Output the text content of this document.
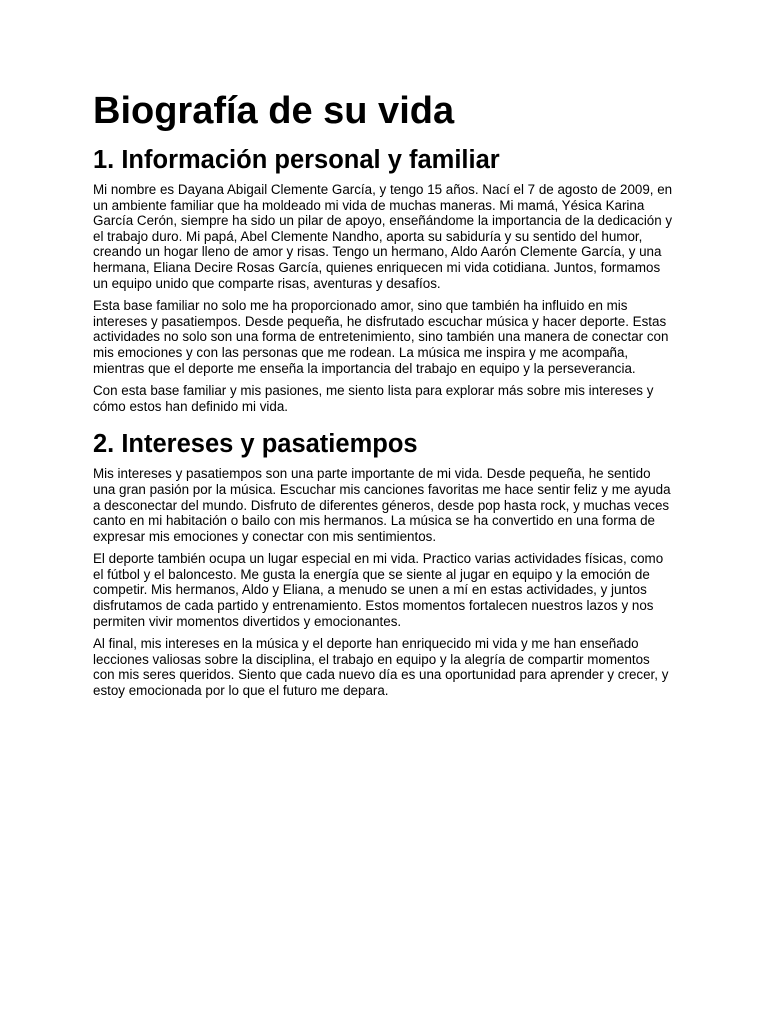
Biografía de su vida
1. Información personal y familiar

Mi nombre es Dayana Abigail Clemente García, y tengo 15 años. Nací el 7 de agosto de 2009, en un ambiente familiar que ha moldeado mi vida de muchas maneras. Mi mamá, Yésica Karina García Cerón, siempre ha sido un pilar de apoyo, enseñándome la importancia de la dedicación y el trabajo duro. Mi papá, Abel Clemente Nandho, aporta su sabiduría y su sentido del humor, creando un hogar lleno de amor y risas. Tengo un hermano, Aldo Aarón Clemente García, y una hermana, Eliana Decire Rosas García, quienes enriquecen mi vida cotidiana. Juntos, formamos un equipo unido que comparte risas, aventuras y desafíos.

Esta base familiar no solo me ha proporcionado amor, sino que también ha influido en mis intereses y pasatiempos. Desde pequeña, he disfrutado escuchar música y hacer deporte. Estas actividades no solo son una forma de entretenimiento, sino también una manera de conectar con mis emociones y con las personas que me rodean. La música me inspira y me acompaña, mientras que el deporte me enseña la importancia del trabajo en equipo y la perseverancia.

Con esta base familiar y mis pasiones, me siento lista para explorar más sobre mis intereses y cómo estos han definido mi vida.

2. Intereses y pasatiempos

Mis intereses y pasatiempos son una parte importante de mi vida. Desde pequeña, he sentido una gran pasión por la música. Escuchar mis canciones favoritas me hace sentir feliz y me ayuda a desconectar del mundo. Disfruto de diferentes géneros, desde pop hasta rock, y muchas veces canto en mi habitación o bailo con mis hermanos. La música se ha convertido en una forma de expresar mis emociones y conectar con mis sentimientos.

El deporte también ocupa un lugar especial en mi vida. Practico varias actividades físicas, como el fútbol y el baloncesto. Me gusta la energía que se siente al jugar en equipo y la emoción de competir. Mis hermanos, Aldo y Eliana, a menudo se unen a mí en estas actividades, y juntos disfrutamos de cada partido y entrenamiento. Estos momentos fortalecen nuestros lazos y nos permiten vivir momentos divertidos y emocionantes.

Al final, mis intereses en la música y el deporte han enriquecido mi vida y me han enseñado lecciones valiosas sobre la disciplina, el trabajo en equipo y la alegría de compartir momentos con mis seres queridos. Siento que cada nuevo día es una oportunidad para aprender y crecer, y estoy emocionada por lo que el futuro me depara.
